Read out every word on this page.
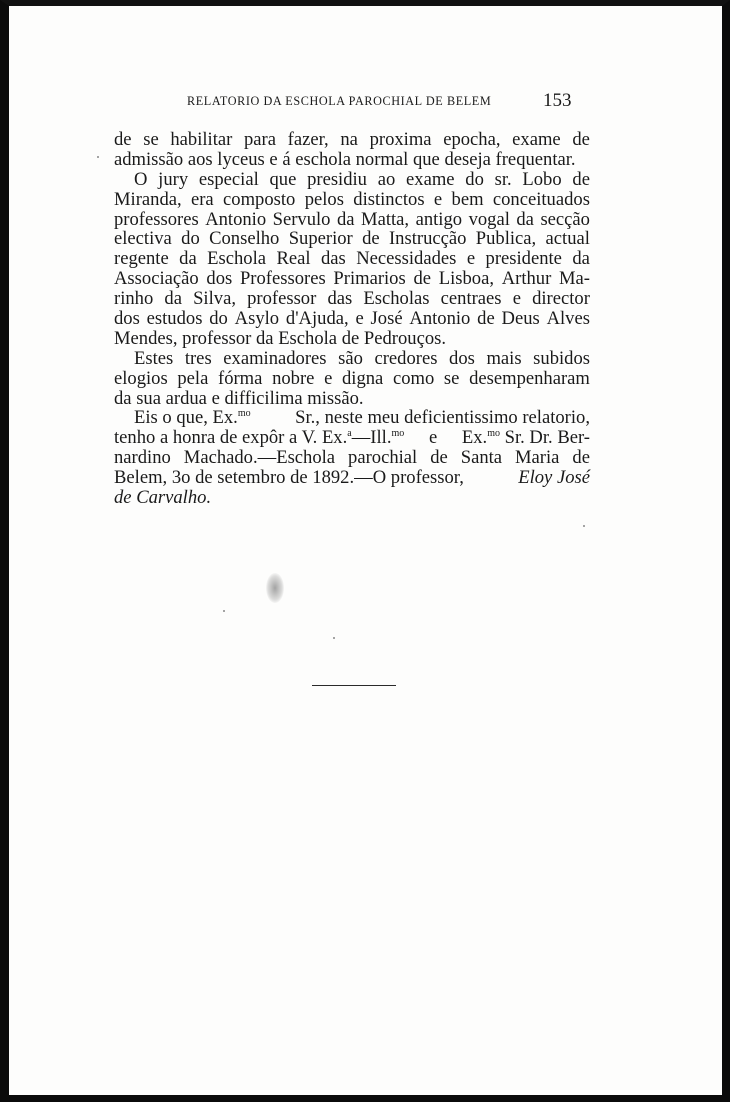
RELATORIO DA ESCHOLA PAROCHIAL DE BELEM	153
de se habilitar para fazer, na proxima epocha, exame de
admissão aos lyceus e á eschola normal que deseja frequentar.
O jury especial que presidiu ao exame do sr. Lobo de
Miranda, era composto pelos distinctos e bem conceituados
professores Antonio Servulo da Matta, antigo vogal da secção
electiva do Conselho Superior de Instrucção Publica, actual
regente da Eschola Real das Necessidades e presidente da
Associação dos Professores Primarios de Lisboa, Arthur Ma-
rinho da Silva, professor das Escholas centraes e director
dos estudos do Asylo d'Ajuda, e José Antonio de Deus Alves
Mendes, professor da Eschola de Pedrouços.
Estes tres examinadores são credores dos mais subidos
elogios pela fórma nobre e digna como se desempenharam
da sua ardua e difficilima missão.
Eis o que, Ex.$^{mo}$ Sr., neste meu deficientissimo relatorio,
tenho a honra de expôr a V. Ex.$^a$—Ill.$^{mo}$ e Ex.$^{mo}$ Sr. Dr. Ber-
nardino Machado.—Eschola parochial de Santa Maria de
Belem, 3o de setembro de 1892.—O professor,	Eloy José
de Carvalho.
